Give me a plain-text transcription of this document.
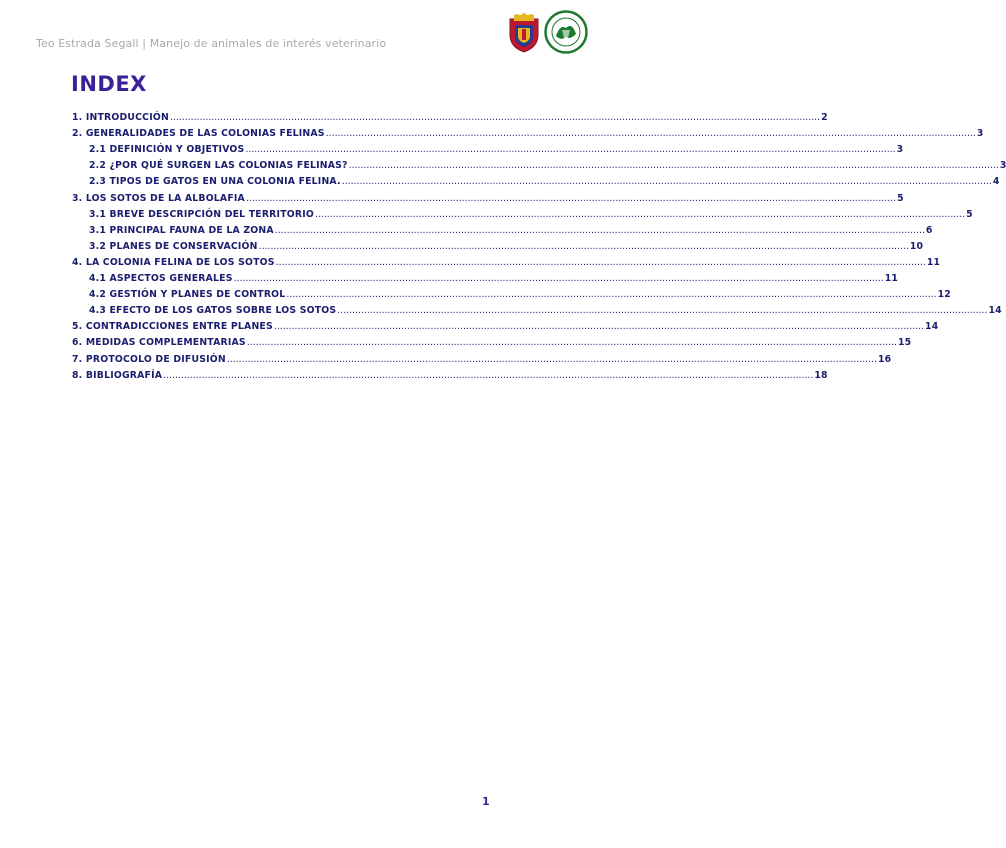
Teo Estrada Segall | Manejo de animales de interés veterinario
INDEX
1. INTRODUCCIÓN ............................................................................................................................................................................................................................ 2
2. GENERALIDADES DE LAS COLONIAS FELINAS ............................................................................................................................................................................................................................ 3
2.1 DEFINICIÓN Y OBJETIVOS ............................................................................................................................................................................................................................ 3
2.2 ¿POR QUÉ SURGEN LAS COLONIAS FELINAS? ............................................................................................................................................................................................................................ 3
2.3 TIPOS DE GATOS EN UNA COLONIA FELINA. ............................................................................................................................................................................................................................ 4
3. LOS SOTOS DE LA ALBOLAFIA ............................................................................................................................................................................................................................ 5
3.1 BREVE DESCRIPCIÓN DEL TERRITORIO ............................................................................................................................................................................................................................ 5
3.1 PRINCIPAL FAUNA DE LA ZONA ............................................................................................................................................................................................................................ 6
3.2 PLANES DE CONSERVACIÓN ............................................................................................................................................................................................................................ 10
4. LA COLONIA FELINA DE LOS SOTOS ............................................................................................................................................................................................................................ 11
4.1 ASPECTOS GENERALES ............................................................................................................................................................................................................................ 11
4.2 GESTIÓN Y PLANES DE CONTROL ............................................................................................................................................................................................................................ 12
4.3 EFECTO DE LOS GATOS SOBRE LOS SOTOS ............................................................................................................................................................................................................................ 14
5. CONTRADICCIONES ENTRE PLANES ............................................................................................................................................................................................................................ 14
6. MEDIDAS COMPLEMENTARIAS ............................................................................................................................................................................................................................ 15
7. PROTOCOLO DE DIFUSIÓN ............................................................................................................................................................................................................................ 16
8. BIBLIOGRAFÍA ............................................................................................................................................................................................................................ 18
1
